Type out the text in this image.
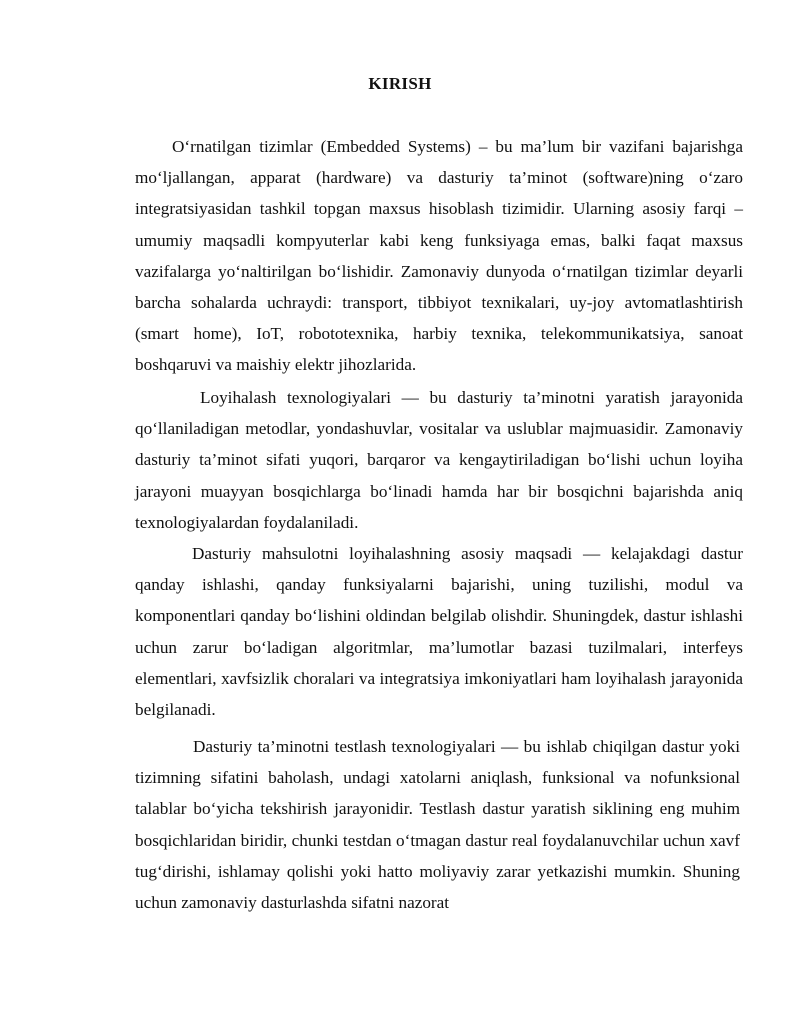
KIRISH

O‘rnatilgan tizimlar (Embedded Systems) – bu ma’lum bir vazifani bajarishga mo‘ljallangan, apparat (hardware) va dasturiy ta’minot (software)ning o‘zaro integratsiyasidan tashkil topgan maxsus hisoblash tizimidir. Ularning asosiy farqi – umumiy maqsadli kompyuterlar kabi keng funksiyaga emas, balki faqat maxsus vazifalarga yo‘naltirilgan bo‘lishidir. Zamonaviy dunyoda o‘rnatilgan tizimlar deyarli barcha sohalarda uchraydi: transport, tibbiyot texnikalari, uy-joy avtomatlashtirish (smart home), IoT, robototexnika, harbiy texnika, telekommunikatsiya, sanoat boshqaruvi va maishiy elektr jihozlarida.

Loyihalash texnologiyalari — bu dasturiy ta’minotni yaratish jarayonida qo‘llaniladigan metodlar, yondashuvlar, vositalar va uslublar majmuasidir. Zamonaviy dasturiy ta’minot sifati yuqori, barqaror va kengaytiriladigan bo‘lishi uchun loyiha jarayoni muayyan bosqichlarga bo‘linadi hamda har bir bosqichni bajarishda aniq texnologiyalardan foydalaniladi.

Dasturiy mahsulotni loyihalashning asosiy maqsadi — kelajakdagi dastur qanday ishlashi, qanday funksiyalarni bajarishi, uning tuzilishi, modul va komponentlari qanday bo‘lishini oldindan belgilab olishdir. Shuningdek, dastur ishlashi uchun zarur bo‘ladigan algoritmlar, ma’lumotlar bazasi tuzilmalari, interfeys elementlari, xavfsizlik choralari va integratsiya imkoniyatlari ham loyihalash jarayonida belgilanadi.

Dasturiy ta’minotni testlash texnologiyalari — bu ishlab chiqilgan dastur yoki tizimning sifatini baholash, undagi xatolarni aniqlash, funksional va nofunksional talablar bo‘yicha tekshirish jarayonidir. Testlash dastur yaratish siklining eng muhim bosqichlaridan biridir, chunki testdan o‘tmagan dastur real foydalanuvchilar uchun xavf tug‘dirishi, ishlamay qolishi yoki hatto moliyaviy zarar yetkazishi mumkin. Shuning uchun zamonaviy dasturlashda sifatni nazorat
